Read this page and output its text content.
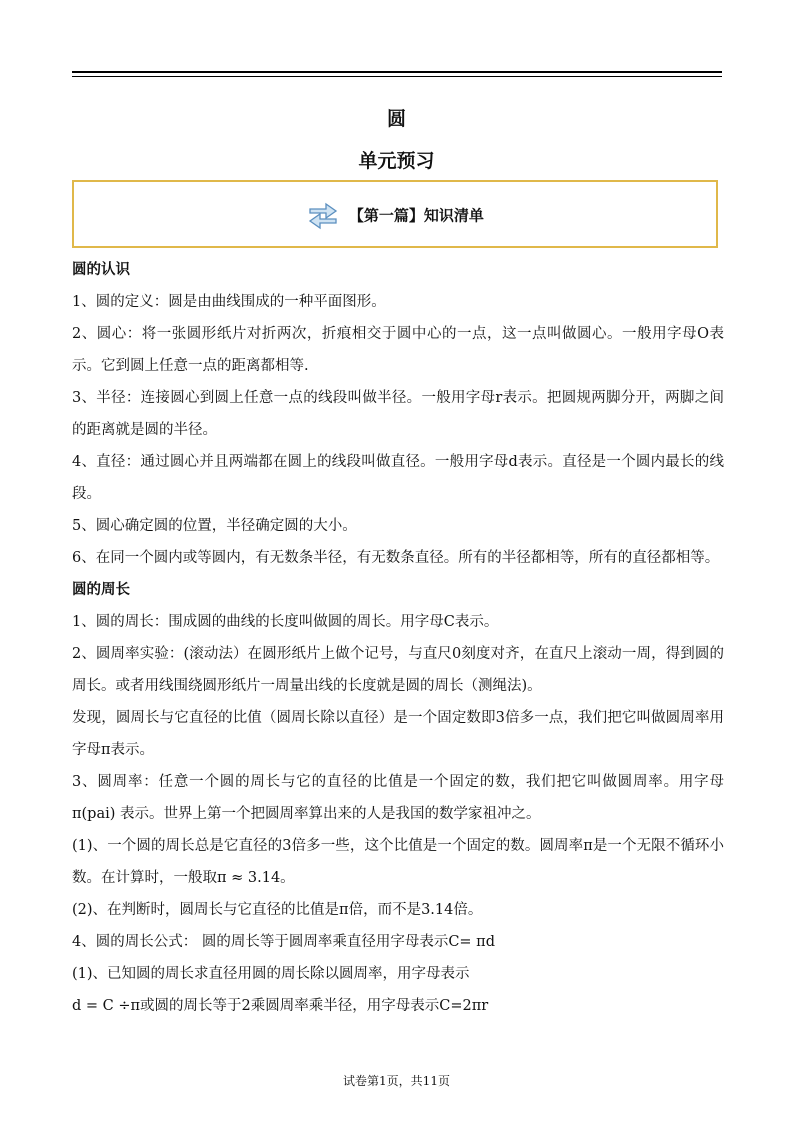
圆
单元预习
【第一篇】知识清单

圆的认识

1、圆的定义：圆是由曲线围成的一种平面图形。

2、圆心：将一张圆形纸片对折两次，折痕相交于圆中心的一点，这一点叫做圆心。一般用字母O表示。它到圆上任意一点的距离都相等.

3、半径：连接圆心到圆上任意一点的线段叫做半径。一般用字母r表示。把圆规两脚分开，两脚之间的距离就是圆的半径。

4、直径：通过圆心并且两端都在圆上的线段叫做直径。一般用字母d表示。直径是一个圆内最长的线段。

5、圆心确定圆的位置，半径确定圆的大小。

6、在同一个圆内或等圆内，有无数条半径，有无数条直径。所有的半径都相等，所有的直径都相等。

圆的周长

1、圆的周长：围成圆的曲线的长度叫做圆的周长。用字母C表示。

2、圆周率实验：(滚动法）在圆形纸片上做个记号，与直尺0刻度对齐，在直尺上滚动一周，得到圆的周长。或者用线围绕圆形纸片一周量出线的长度就是圆的周长（测绳法)。

发现，圆周长与它直径的比值（圆周长除以直径）是一个固定数即3倍多一点，我们把它叫做圆周率用字母π表示。

3、圆周率：任意一个圆的周长与它的直径的比值是一个固定的数，我们把它叫做圆周率。用字母π(pai) 表示。世界上第一个把圆周率算出来的人是我国的数学家祖冲之。

(1)、一个圆的周长总是它直径的3倍多一些，这个比值是一个固定的数。圆周率π是一个无限不循环小数。在计算时，一般取π ≈ 3.14。

(2)、在判断时，圆周长与它直径的比值是π倍，而不是3.14倍。

4、圆的周长公式： 圆的周长等于圆周率乘直径用字母表示C= πd

(1)、已知圆的周长求直径用圆的周长除以圆周率，用字母表示

d = C ÷π或圆的周长等于2乘圆周率乘半径，用字母表示C=2πr

试卷第1页，共11页
